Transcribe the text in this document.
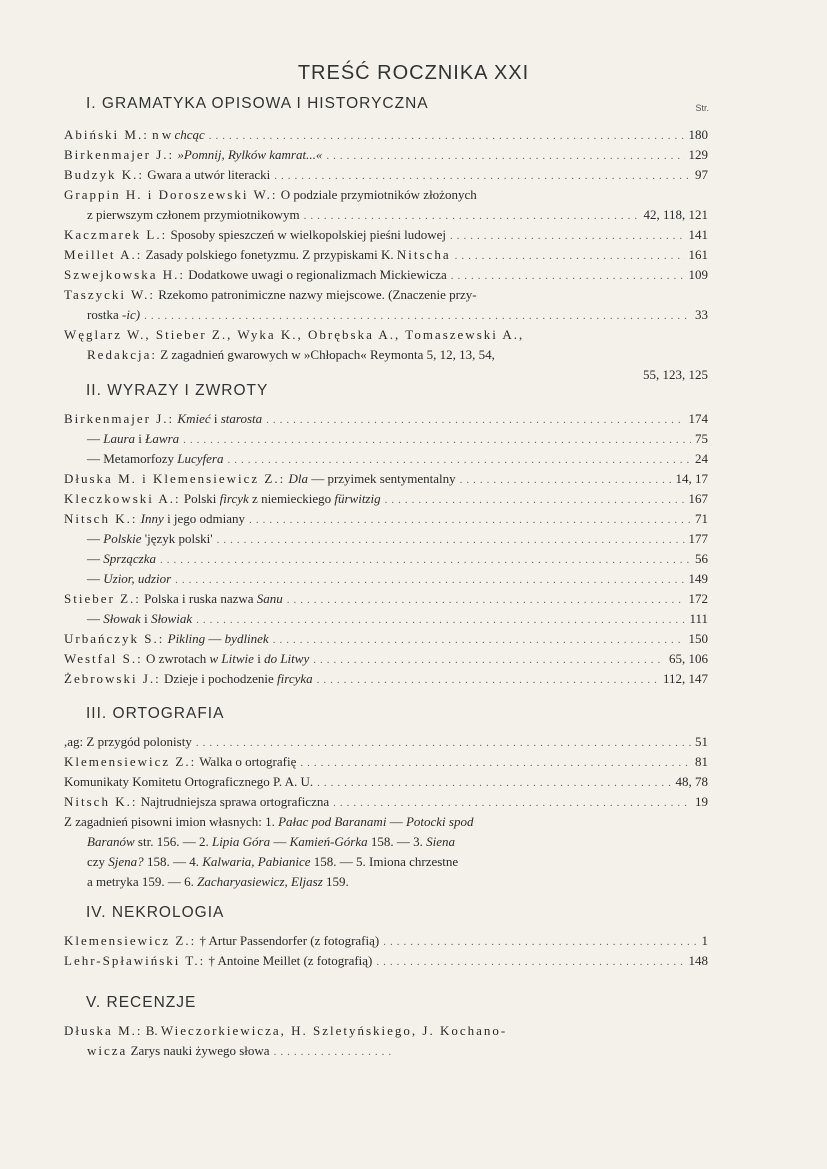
TREŚĆ ROCZNIKA XXI
I. GRAMATYKA OPISOWA I HISTORYCZNA	Str.
Abiński M.: n w chcąc .....	180
Birkenmajer J.: »Pomnij, Rylków kamrat...« .....	129
Budzyk K.: Gwara a utwór literacki .....	97
Grappin H. i Doroszewski W.: O podziale przymiotników złożonych
z pierwszym członem przymiotnikowym .....	42, 118, 121
Kaczmarek L.: Sposoby spieszczeń w wielkopolskiej pieśni ludowej .....	141
Meillet A.: Zasady polskiego fonetyzmu. Z przypiskami K. Nitscha .....	161
Szwejkowska H.: Dodatkowe uwagi o regionalizmach Mickiewicza .....	109
Taszycki W.: Rzekomo patronimiczne nazwy miejscowe. (Znaczenie przy-
rostka -ic) .....	33
Węglarz W., Stieber Z., Wyka K., Obrębska A., Tomaszewski A.,
Redakcja: Z zagadnień gwarowych w »Chłopach« Reymonta 5, 12, 13, 54,
55, 123, 125
II. WYRAZY I ZWROTY
Birkenmajer J.: Kmieć i starosta .....	174
— Laura i Ławra .....	75
— Metamorfozy Lucyfera .....	24
Dłuska M. i Klemensiewicz Z.: Dla — przyimek sentymentalny .....	14, 17
Kleczkowski A.: Polski fircyk z niemieckiego fürwitzig .....	167
Nitsch K.: Inny i jego odmiany .....	71
— Polskie 'język polski' .....	177
— Sprzączka .....	56
— Uzior, udzior .....	149
Stieber Z.: Polska i ruska nazwa Sanu .....	172
— Słowak i Słowiak .....	111
Urbańczyk S.: Pikling — bydlinek .....	150
Westfal S.: O zwrotach w Litwie i do Litwy .....	65, 106
Żebrowski J.: Dzieje i pochodzenie fircyka .....	112, 147
III. ORTOGRAFIA
,ag: Z przygód polonisty .....	51
Klemensiewicz Z.: Walka o ortografię .....	81
Komunikaty Komitetu Ortograficznego P. A. U. .....	48, 78
Nitsch K.: Najtrudniejsza sprawa ortograficzna .....	19
Z zagadnień pisowni imion własnych: 1. Pałac pod Baranami — Potocki spod
Baranów str. 156. — 2. Lipia Góra — Kamień-Górka 158. — 3. Siena
czy Sjena? 158. — 4. Kalwaria, Pabianice 158. — 5. Imiona chrzestne
a metryka 159. — 6. Zacharyasiewicz, Eljasz 159.
IV. NEKROLOGIA
Klemensiewicz Z.: † Artur Passendorfer (z fotografią) .....	1
Lehr-Spławiński T.: † Antoine Meillet (z fotografią) .....	148
V. RECENZJE
Dłuska M.: B. Wieczorkiewicza, H. Szletyńskiego, J. Kochano-
wicza Zarys nauki żywego słowa
.....
